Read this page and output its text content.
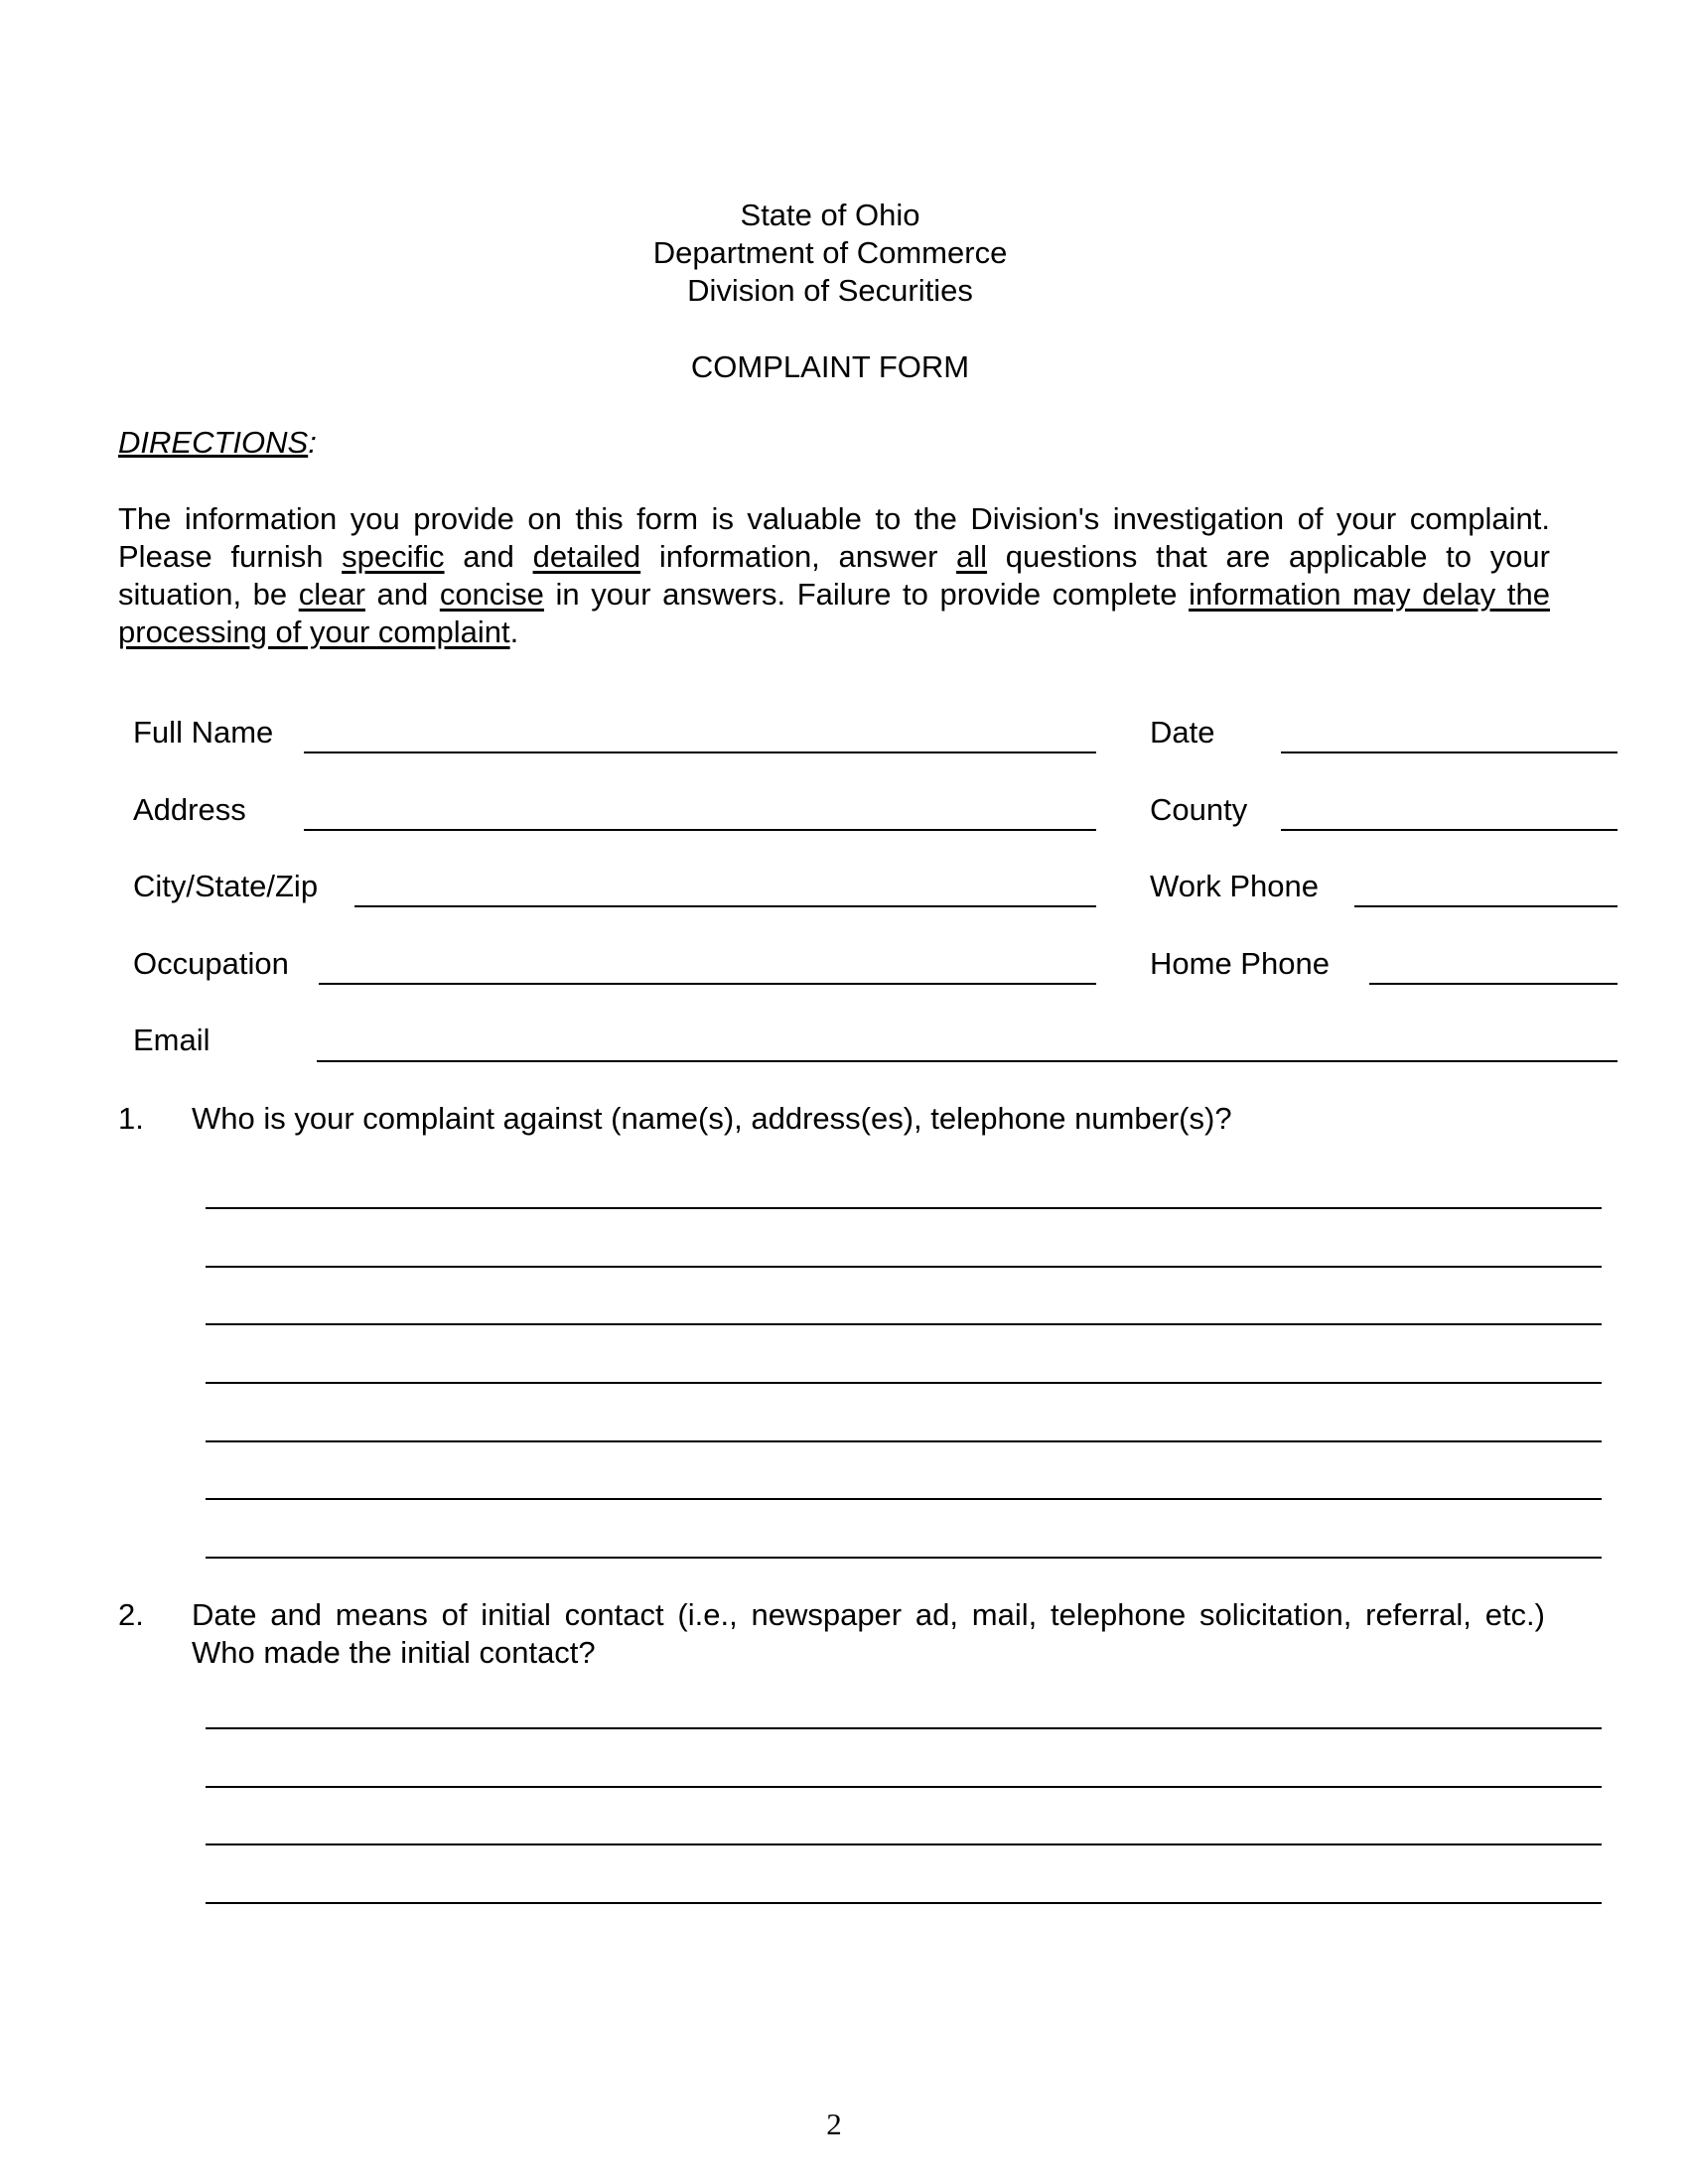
State of Ohio
Department of Commerce
Division of Securities
COMPLAINT FORM
DIRECTIONS:
The information you provide on this form is valuable to the Division's investigation of your complaint. Please furnish specific and detailed information, answer all questions that are applicable to your situation, be clear and concise in your answers. Failure to provide complete information may delay the processing of your complaint.
Full Name	Date
Address	County
City/State/Zip	Work Phone
Occupation	Home Phone
Email
1. Who is your complaint against (name(s), address(es), telephone number(s)?
2. Date and means of initial contact (i.e., newspaper ad, mail, telephone solicitation, referral, etc.) Who made the initial contact?
2
